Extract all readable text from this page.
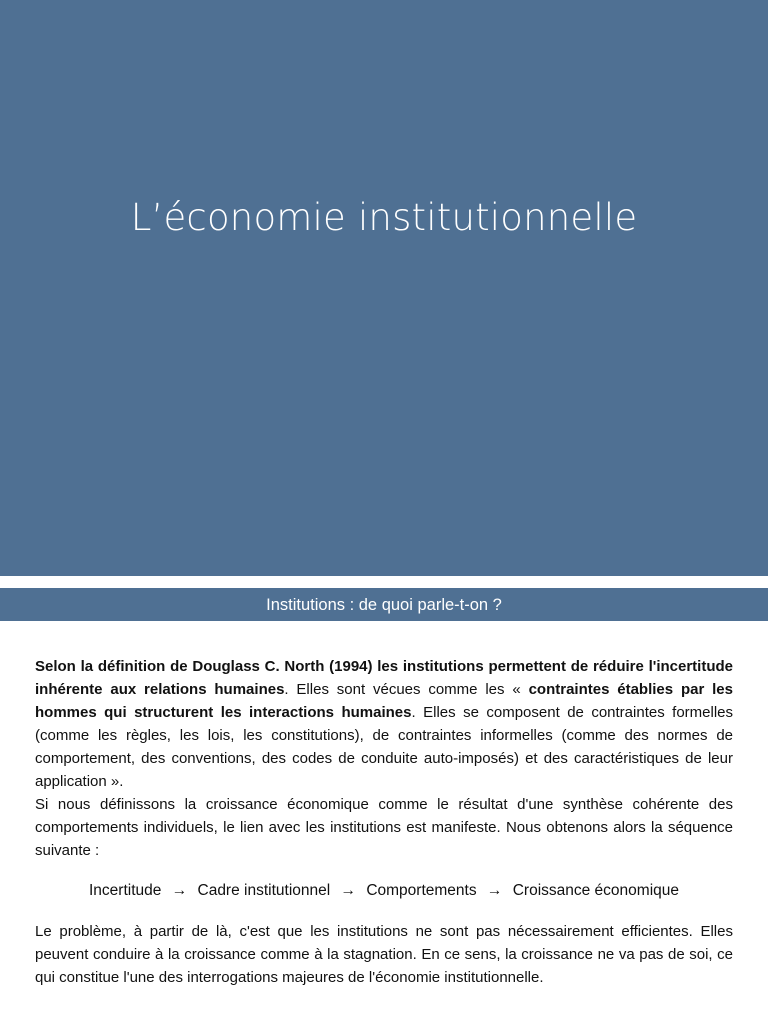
L’économie institutionnelle
Institutions : de quoi parle-t-on ?

Selon la définition de Douglass C. North (1994) les institutions permettent de réduire l'incertitude inhérente aux relations humaines. Elles sont vécues comme les « contraintes établies par les hommes qui structurent les interactions humaines. Elles se composent de contraintes formelles (comme les règles, les lois, les constitutions), de contraintes informelles (comme des normes de comportement, des conventions, des codes de conduite auto-imposés) et des caractéristiques de leur application ».

Si nous définissons la croissance économique comme le résultat d'une synthèse cohérente des comportements individuels, le lien avec les institutions est manifeste. Nous obtenons alors la séquence suivante :

Incertitude → Cadre institutionnel → Comportements → Croissance économique

Le problème, à partir de là, c'est que les institutions ne sont pas nécessairement efficientes. Elles peuvent conduire à la croissance comme à la stagnation. En ce sens, la croissance ne va pas de soi, ce qui constitue l'une des interrogations majeures de l'économie institutionnelle.
